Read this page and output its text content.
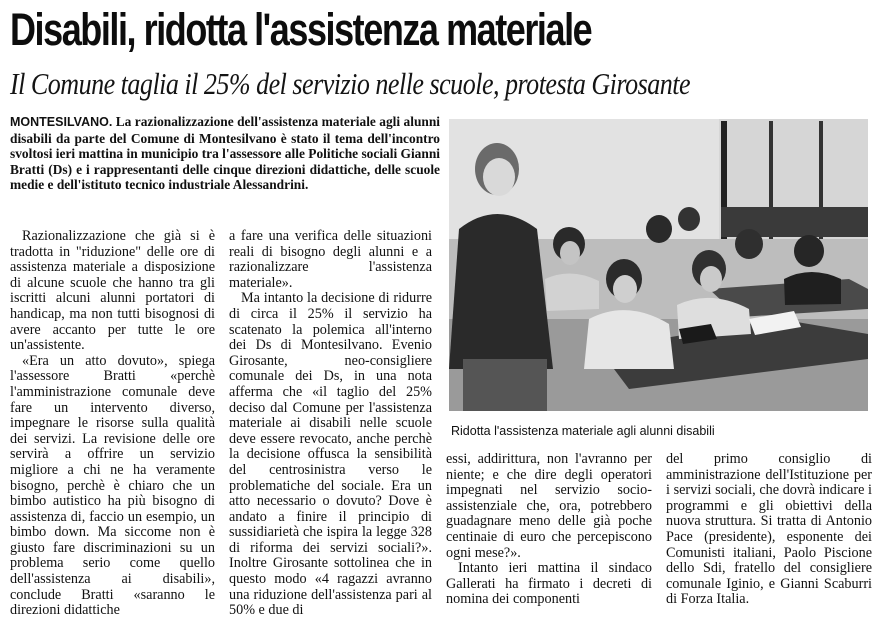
Disabili, ridotta l'assistenza materiale
Il Comune taglia il 25% del servizio nelle scuole, protesta Girosante
MONTESILVANO. La razionalizzazione dell'assistenza materiale agli alunni disabili da parte del Comune di Montesilvano è stato il tema dell'incontro svoltosi ieri mattina in municipio tra l'assessore alle Politiche sociali Gianni Bratti (Ds) e i rappresentanti delle cinque direzioni didattiche, delle scuole medie e dell'istituto tecnico industriale Alessandrini.

Razionalizzazione che già si è tradotta in "riduzione" delle ore di assistenza materiale a disposizione di alcune scuole che hanno tra gli iscritti alcuni alunni portatori di handicap, ma non tutti bisognosi di avere accanto per tutte le ore un'assistente.

«Era un atto dovuto», spiega l'assessore Bratti «perchè l'amministrazione comunale deve fare un intervento diverso, impegnare le risorse sulla qualità dei servizi. La revisione delle ore servirà a offrire un servizio migliore a chi ne ha veramente bisogno, perchè è chiaro che un bimbo autistico ha più bisogno di assistenza di, faccio un esempio, un bimbo down. Ma siccome non è giusto fare discriminazioni su un problema serio come quello dell'assistenza ai disabili», conclude Bratti «saranno le direzioni didattiche

a fare una verifica delle situazioni reali di bisogno degli alunni e a razionalizzare l'assistenza materiale».

Ma intanto la decisione di ridurre di circa il 25% il servizio ha scatenato la polemica all'interno dei Ds di Montesilvano. Evenio Girosante, neo-consigliere comunale dei Ds, in una nota afferma che «il taglio del 25% deciso dal Comune per l'assistenza materiale ai disabili nelle scuole deve essere revocato, anche perchè la decisione offusca la sensibilità del centrosinistra verso le problematiche del sociale. Era un atto necessario o dovuto? Dove è andato a finire il principio di sussidiarietà che ispira la legge 328 di riforma dei servizi sociali?». Inoltre Girosante sottolinea che in questo modo «4 ragazzi avranno una riduzione dell'assistenza pari al 50% e due di

Ridotta l'assistenza materiale agli alunni disabili

essi, addirittura, non l'avranno per niente; e che dire degli operatori impegnati nel servizio socio-assistenziale che, ora, potrebbero guadagnare meno delle già poche centinaie di euro che percepiscono ogni mese?».

Intanto ieri mattina il sindaco Gallerati ha firmato i decreti di nomina dei componenti

del primo consiglio di amministrazione dell'Istituzione per i servizi sociali, che dovrà indicare i programmi e gli obiettivi della nuova struttura. Si tratta di Antonio Pace (presidente), esponente dei Comunisti italiani, Paolo Piscione dello Sdi, fratello del consigliere comunale Iginio, e Gianni Scaburri di Forza Italia.
